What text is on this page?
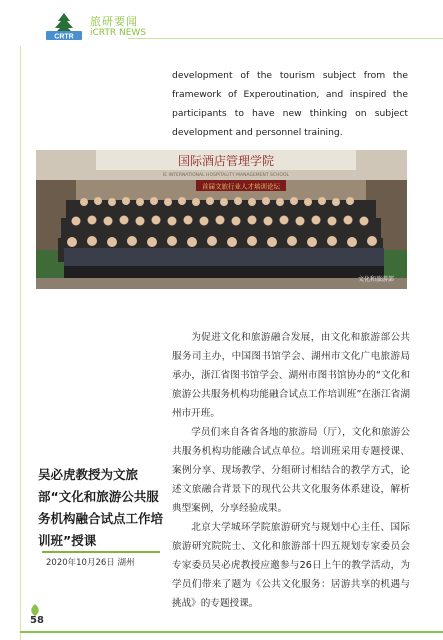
CRTR
旅研要闻
iCRTR NEWS
development of the tourism subject from the framework of Experoutination, and inspired the participants to have new thinking on subject development and personnel training.
国际酒店管理学院
IE INTERNATIONAL HOSPITALITY MANAGEMENT SCHOOL
首届文旅行业人才培训论坛
文化和旅游部
吴必虎教授为文旅部“文化和旅游公共服务机构融合试点工作培训班”授课
2020年10月26日 湖州

为促进文化和旅游融合发展，由文化和旅游部公共服务司主办，中国图书馆学会、湖州市文化广电旅游局承办，浙江省图书馆学会、湖州市图书馆协办的“文化和旅游公共服务机构功能融合试点工作培训班”在浙江省湖州市开班。

学员们来自各省各地的旅游局（厅），文化和旅游公共服务机构功能融合试点单位。培训班采用专题授课、案例分享、现场教学、分组研讨相结合的教学方式，论述文旅融合背景下的现代公共文化服务体系建设，解析典型案例，分享经验成果。

北京大学城环学院旅游研究与规划中心主任、国际旅游研究院院士、文化和旅游部十四五规划专家委员会专家委员吴必虎教授应邀参与26日上午的教学活动，为学员们带来了题为《公共文化服务：居游共享的机遇与挑战》的专题授课。

58
